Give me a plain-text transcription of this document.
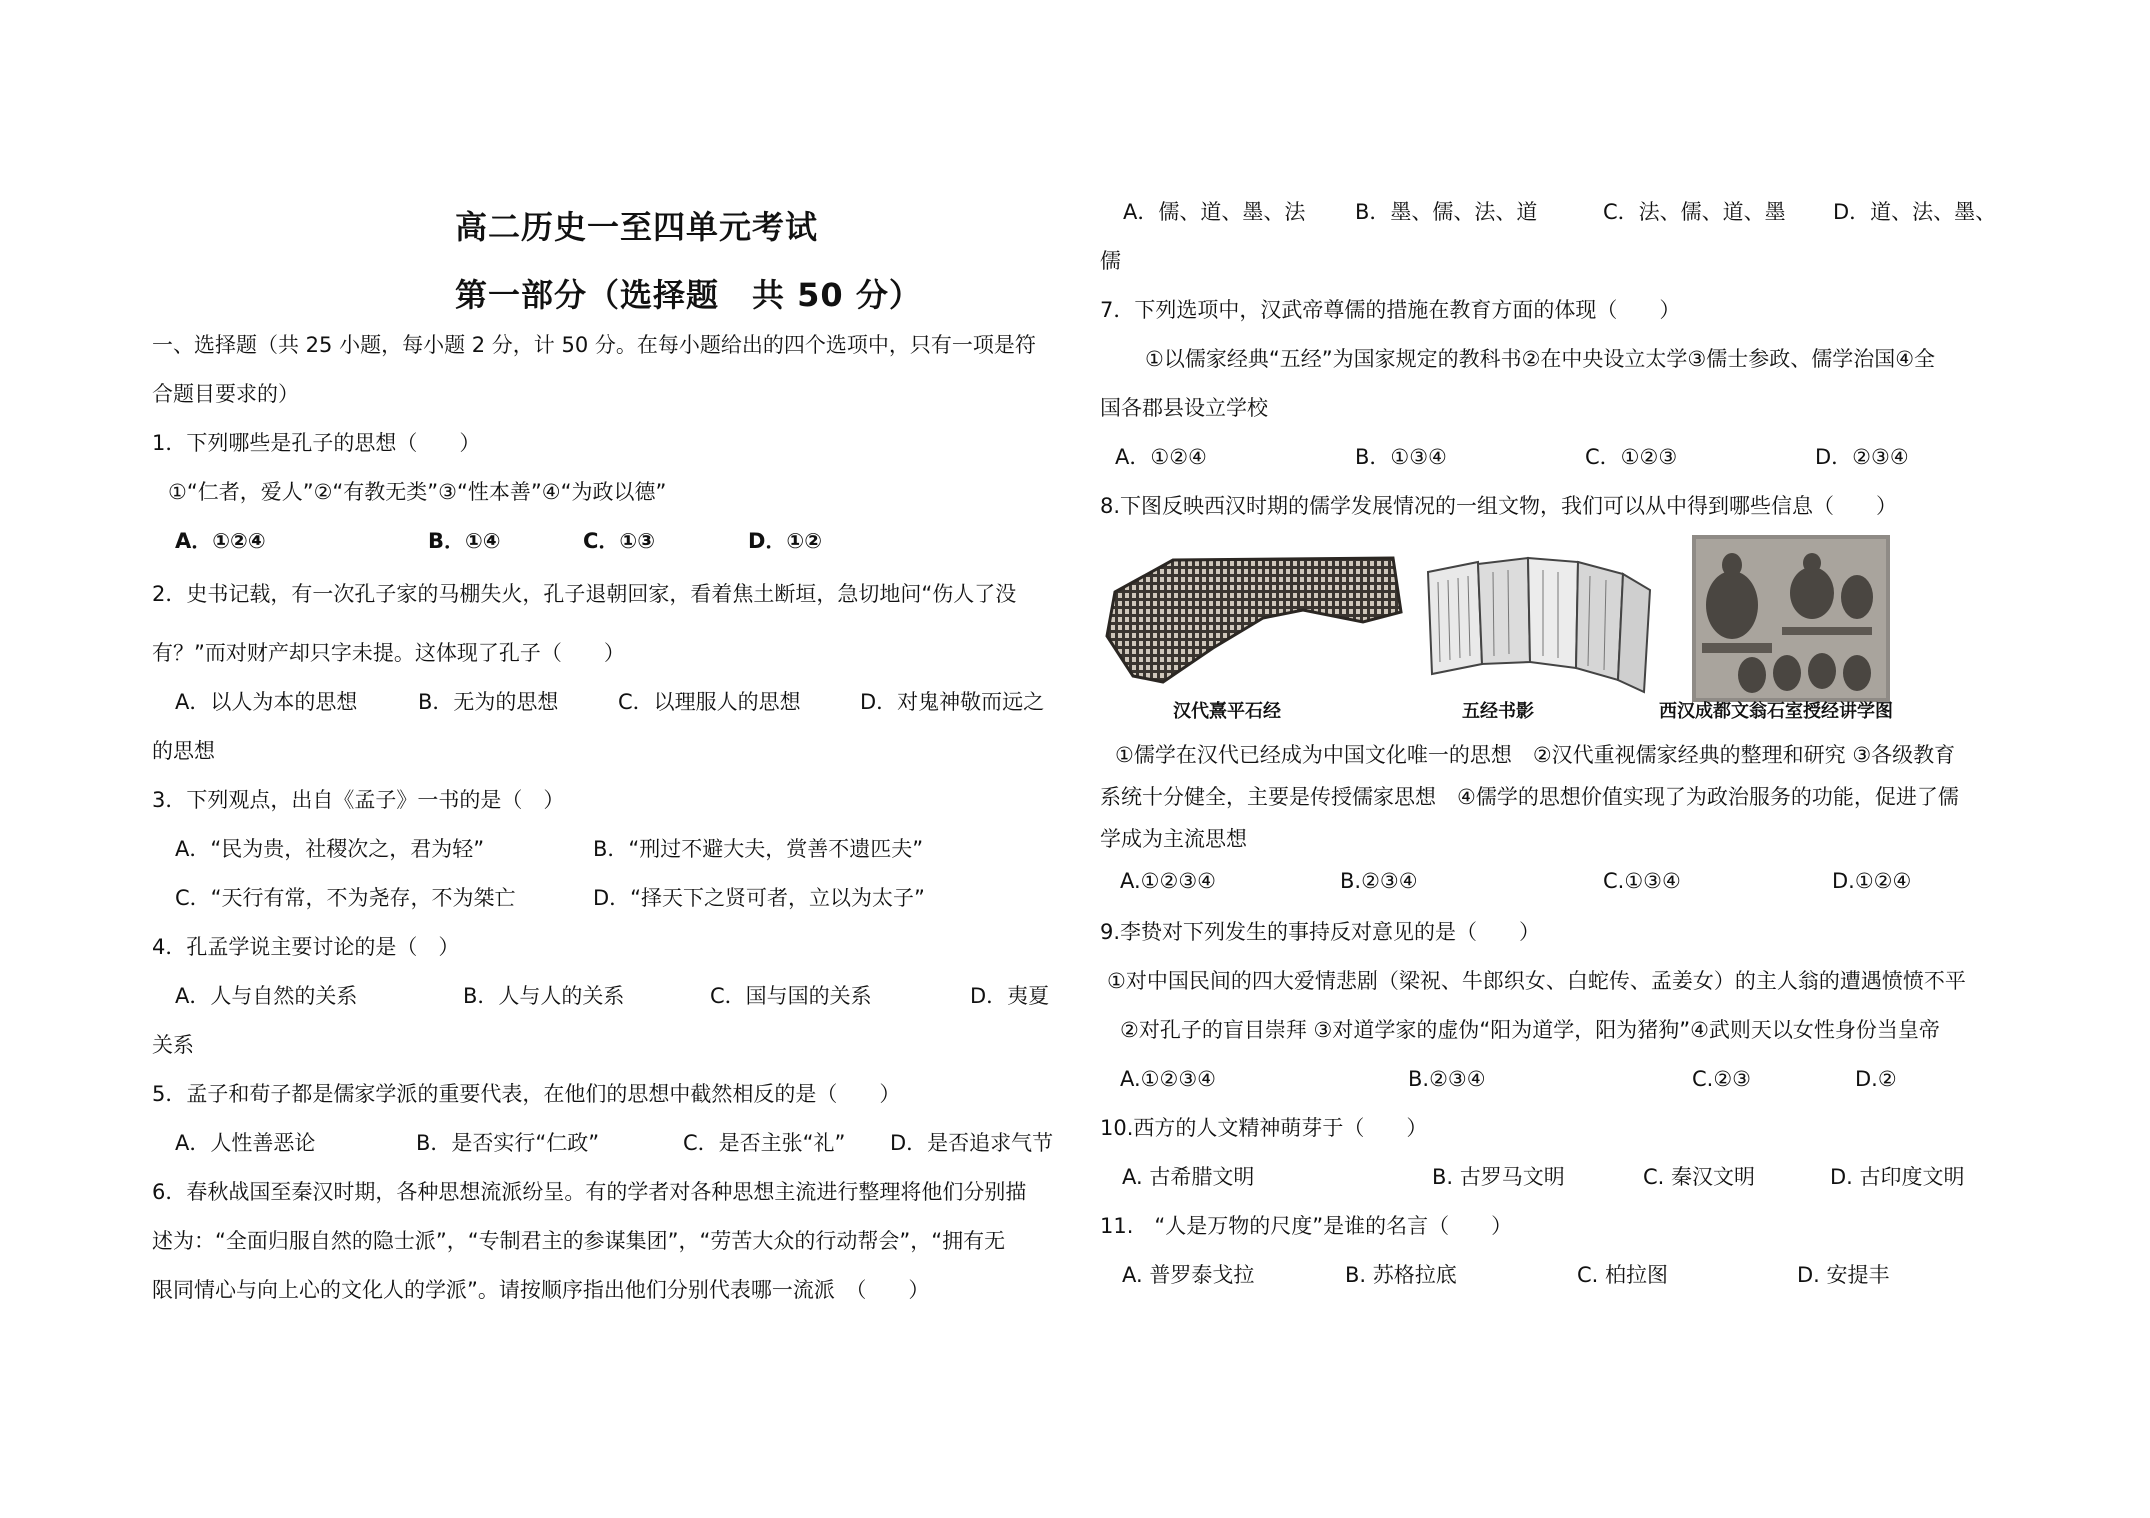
高二历史一至四单元考试
第一部分（选择题　共 50 分）
一、选择题（共 25 小题，每小题 2 分，计 50 分。在每小题给出的四个选项中，只有一项是符
合题目要求的）
1．下列哪些是孔子的思想（　　）
①“仁者，爱人”②“有教无类”③“性本善”④“为政以德”
A．①②④	B．①④	C．①③	D．①②
2．史书记载，有一次孔子家的马棚失火，孔子退朝回家，看着焦土断垣，急切地问“伤人了没
有？”而对财产却只字未提。这体现了孔子（　　）
A．以人为本的思想	B．无为的思想	C．以理服人的思想	D．对鬼神敬而远之
的思想
3．下列观点，出自《孟子》一书的是（　）
A．“民为贵，社稷次之，君为轻”	B．“刑过不避大夫，赏善不遗匹夫”
C．“天行有常，不为尧存，不为桀亡	D．“择天下之贤可者，立以为太子”
4．孔孟学说主要讨论的是（　）
A．人与自然的关系	B．人与人的关系	C．国与国的关系	D．夷夏
关系
5．孟子和荀子都是儒家学派的重要代表，在他们的思想中截然相反的是（　　）
A．人性善恶论	B．是否实行“仁政”	C．是否主张“礼” D．是否追求气节
6．春秋战国至秦汉时期，各种思想流派纷呈。有的学者对各种思想主流进行整理将他们分别描
述为：“全面归服自然的隐士派”，“专制君主的参谋集团”，“劳苦大众的行动帮会”，“拥有无
限同情心与向上心的文化人的学派”。请按顺序指出他们分别代表哪一流派　（　　）
A．儒、道、墨、法 B．墨、儒、法、道	C．法、儒、道、墨 D．道、法、墨、
儒
7．下列选项中，汉武帝尊儒的措施在教育方面的体现（　　）
①以儒家经典“五经”为国家规定的教科书②在中央设立太学③儒士参政、儒学治国④全
国各郡县设立学校
A．①②④	B．①③④	C．①②③	D．②③④
8.下图反映西汉时期的儒学发展情况的一组文物，我们可以从中得到哪些信息（　　）
汉代熹平石经	五经书影	西汉成都文翁石室授经讲学图
①儒学在汉代已经成为中国文化唯一的思想　②汉代重视儒家经典的整理和研究 ③各级教育
系统十分健全，主要是传授儒家思想　④儒学的思想价值实现了为政治服务的功能，促进了儒
学成为主流思想
A.①②③④	B.②③④	C.①③④	D.①②④
9.李贽对下列发生的事持反对意见的是（　　）
①对中国民间的四大爱情悲剧（梁祝、牛郎织女、白蛇传、孟姜女）的主人翁的遭遇愤愤不平
②对孔子的盲目崇拜 ③对道学家的虚伪“阳为道学，阳为猪狗”④武则天以女性身份当皇帝
A.①②③④	B.②③④	C.②③	D.②
10.西方的人文精神萌芽于（　　）
A. 古希腊文明	B. 古罗马文明	C. 秦汉文明	D. 古印度文明
11.　“人是万物的尺度”是谁的名言（　　）
A. 普罗泰戈拉	B. 苏格拉底	C. 柏拉图	D. 安提丰
